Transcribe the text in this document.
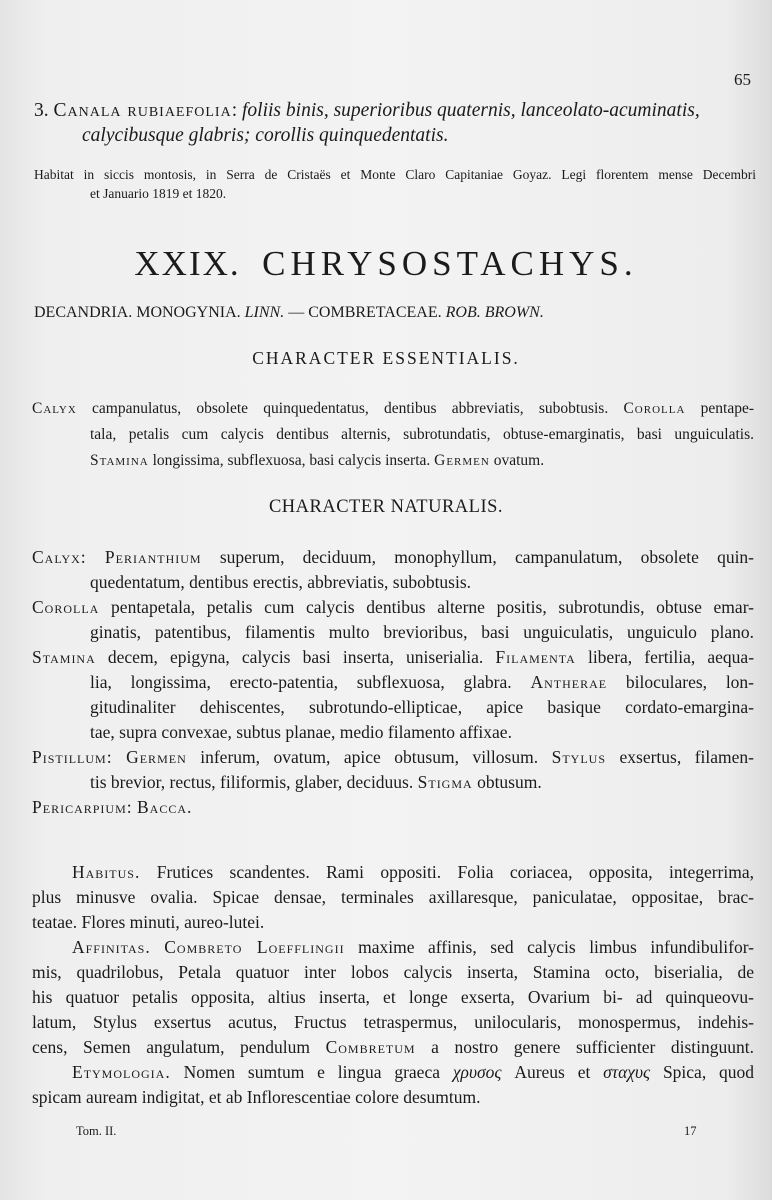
65
3. Canala rubiaefolia: foliis binis, superioribus quaternis, lanceolato-acuminatis,
calycibusque glabris; corollis quinquedentatis.
Habitat in siccis montosis, in Serra de Cristaës et Monte Claro Capitaniae Goyaz. Legi florentem mense Decembri
et Januario 1819 et 1820.
XXIX. CHRYSOSTACHYS.
DECANDRIA. MONOGYNIA. LINN. — COMBRETACEAE. ROB. BROWN.
CHARACTER ESSENTIALIS.
Calyx campanulatus, obsolete quinquedentatus, dentibus abbreviatis, subobtusis. Corolla pentape-
tala, petalis cum calycis dentibus alternis, subrotundatis, obtuse-emarginatis, basi unguiculatis.
Stamina longissima, subflexuosa, basi calycis inserta. Germen ovatum.
CHARACTER NATURALIS.

Calyx: Perianthium superum, deciduum, monophyllum, campanulatum, obsolete quin-
quedentatum, dentibus erectis, abbreviatis, subobtusis.

Corolla pentapetala, petalis cum calycis dentibus alterne positis, subrotundis, obtuse emar-
ginatis, patentibus, filamentis multo brevioribus, basi unguiculatis, unguiculo plano.

Stamina decem, epigyna, calycis basi inserta, uniserialia. Filamenta libera, fertilia, aequa-
lia, longissima, erecto-patentia, subflexuosa, glabra. Antherae biloculares, lon-
gitudinaliter dehiscentes, subrotundo-ellipticae, apice basique cordato-emargina-
tae, supra convexae, subtus planae, medio filamento affixae.

Pistillum: Germen inferum, ovatum, apice obtusum, villosum. Stylus exsertus, filamen-
tis brevior, rectus, filiformis, glaber, deciduus. Stigma obtusum.

Pericarpium: Bacca.

Habitus. Frutices scandentes. Rami oppositi. Folia coriacea, opposita, integerrima,
plus minusve ovalia. Spicae densae, terminales axillaresque, paniculatae, oppositae, brac-
teatae. Flores minuti, aureo-lutei.

Affinitas. Combreto Loefflingii maxime affinis, sed calycis limbus infundibulifor-
mis, quadrilobus, Petala quatuor inter lobos calycis inserta, Stamina octo, biserialia, de
his quatuor petalis opposita, altius inserta, et longe exserta, Ovarium bi- ad quinqueovu-
latum, Stylus exsertus acutus, Fructus tetraspermus, unilocularis, monospermus, indehis-
cens, Semen angulatum, pendulum Combretum a nostro genere sufficienter distinguunt.

Etymologia. Nomen sumtum e lingua graeca χρυσος Aureus et σταχυς Spica, quod
spicam auream indigitat, et ab Inflorescentiae colore desumtum.

Tom. II.	17
